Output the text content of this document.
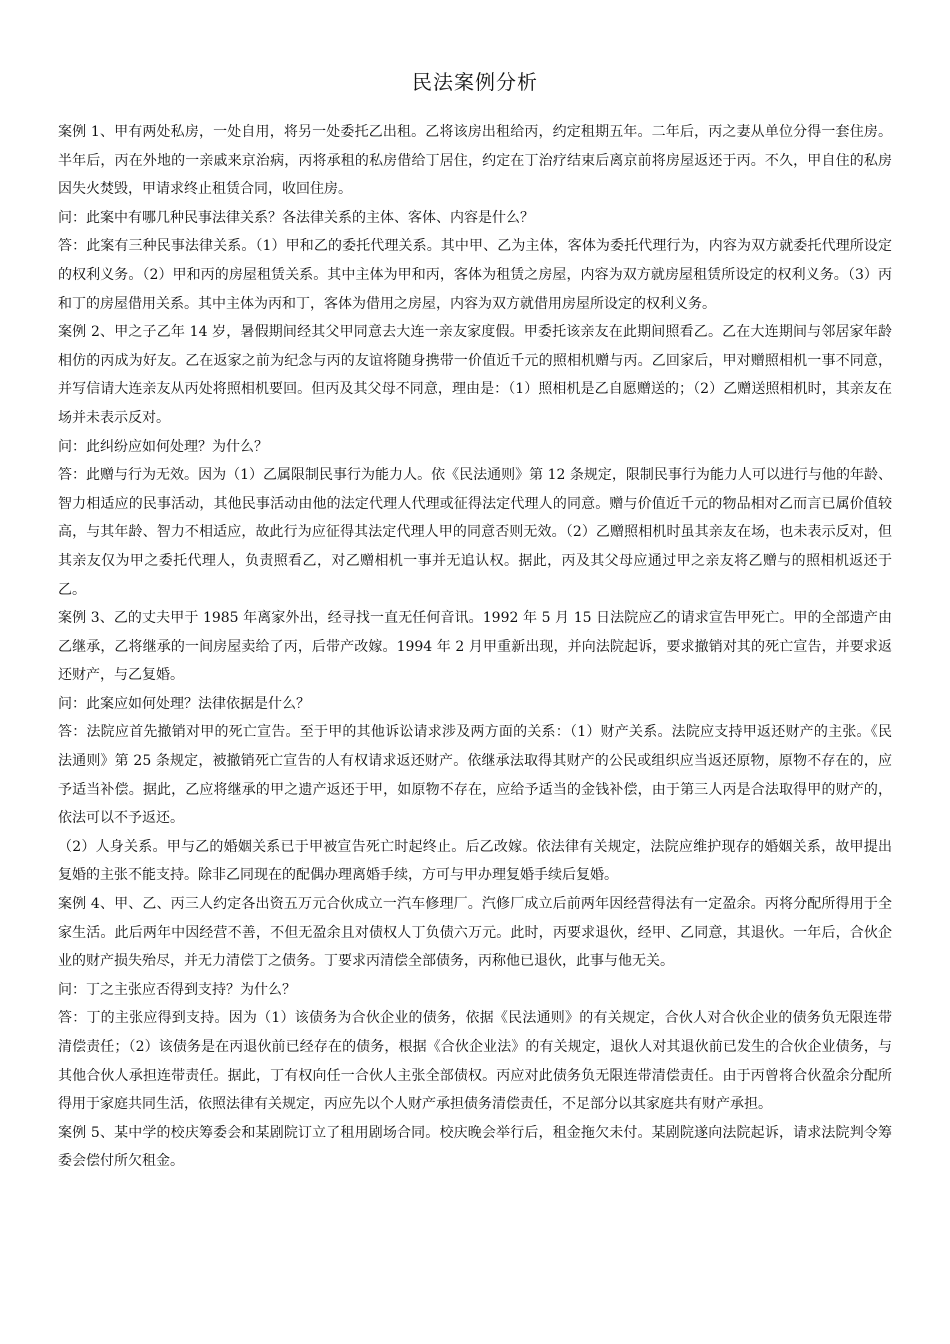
民法案例分析

案例 1、甲有两处私房，一处自用，将另一处委托乙出租。乙将该房出租给丙，约定租期五年。二年后，丙之妻从单位分得一套住房。半年后，丙在外地的一亲戚来京治病，丙将承租的私房借给丁居住，约定在丁治疗结束后离京前将房屋返还于丙。不久，甲自住的私房因失火焚毁，甲请求终止租赁合同，收回住房。

问：此案中有哪几种民事法律关系？各法律关系的主体、客体、内容是什么？

答：此案有三种民事法律关系。（1）甲和乙的委托代理关系。其中甲、乙为主体，客体为委托代理行为，内容为双方就委托代理所设定的权利义务。（2）甲和丙的房屋租赁关系。其中主体为甲和丙，客体为租赁之房屋，内容为双方就房屋租赁所设定的权利义务。（3）丙和丁的房屋借用关系。其中主体为丙和丁，客体为借用之房屋，内容为双方就借用房屋所设定的权利义务。

案例 2、甲之子乙年 14 岁，暑假期间经其父甲同意去大连一亲友家度假。甲委托该亲友在此期间照看乙。乙在大连期间与邻居家年龄相仿的丙成为好友。乙在返家之前为纪念与丙的友谊将随身携带一价值近千元的照相机赠与丙。乙回家后，甲对赠照相机一事不同意，并写信请大连亲友从丙处将照相机要回。但丙及其父母不同意，理由是：（1）照相机是乙自愿赠送的；（2）乙赠送照相机时，其亲友在场并未表示反对。

问：此纠纷应如何处理？为什么？

答：此赠与行为无效。因为（1）乙属限制民事行为能力人。依《民法通则》第 12 条规定，限制民事行为能力人可以进行与他的年龄、智力相适应的民事活动，其他民事活动由他的法定代理人代理或征得法定代理人的同意。赠与价值近千元的物品相对乙而言已属价值较高，与其年龄、智力不相适应，故此行为应征得其法定代理人甲的同意否则无效。（2）乙赠照相机时虽其亲友在场，也未表示反对，但其亲友仅为甲之委托代理人，负责照看乙，对乙赠相机一事并无追认权。据此，丙及其父母应通过甲之亲友将乙赠与的照相机返还于乙。

案例 3、乙的丈夫甲于 1985 年离家外出，经寻找一直无任何音讯。1992 年 5 月 15 日法院应乙的请求宣告甲死亡。甲的全部遗产由乙继承，乙将继承的一间房屋卖给了丙，后带产改嫁。1994 年 2 月甲重新出现，并向法院起诉，要求撤销对其的死亡宣告，并要求返还财产，与乙复婚。

问：此案应如何处理？法律依据是什么？

答：法院应首先撤销对甲的死亡宣告。至于甲的其他诉讼请求涉及两方面的关系：（1）财产关系。法院应支持甲返还财产的主张。《民法通则》第 25 条规定，被撤销死亡宣告的人有权请求返还财产。依继承法取得其财产的公民或组织应当返还原物，原物不存在的，应予适当补偿。据此，乙应将继承的甲之遗产返还于甲，如原物不存在，应给予适当的金钱补偿，由于第三人丙是合法取得甲的财产的，依法可以不予返还。

（2）人身关系。甲与乙的婚姻关系已于甲被宣告死亡时起终止。后乙改嫁。依法律有关规定，法院应维护现存的婚姻关系，故甲提出复婚的主张不能支持。除非乙同现在的配偶办理离婚手续，方可与甲办理复婚手续后复婚。

案例 4、甲、乙、丙三人约定各出资五万元合伙成立一汽车修理厂。汽修厂成立后前两年因经营得法有一定盈余。丙将分配所得用于全家生活。此后两年中因经营不善，不但无盈余且对债权人丁负债六万元。此时，丙要求退伙，经甲、乙同意，其退伙。一年后，合伙企业的财产损失殆尽，并无力清偿丁之债务。丁要求丙清偿全部债务，丙称他已退伙，此事与他无关。

问：丁之主张应否得到支持？为什么？

答：丁的主张应得到支持。因为（1）该债务为合伙企业的债务，依据《民法通则》的有关规定，合伙人对合伙企业的债务负无限连带清偿责任；（2）该债务是在丙退伙前已经存在的债务，根据《合伙企业法》的有关规定，退伙人对其退伙前已发生的合伙企业债务，与其他合伙人承担连带责任。据此，丁有权向任一合伙人主张全部债权。丙应对此债务负无限连带清偿责任。由于丙曾将合伙盈余分配所得用于家庭共同生活，依照法律有关规定，丙应先以个人财产承担债务清偿责任，不足部分以其家庭共有财产承担。

案例 5、某中学的校庆筹委会和某剧院订立了租用剧场合同。校庆晚会举行后，租金拖欠未付。某剧院遂向法院起诉，请求法院判令筹委会偿付所欠租金。
